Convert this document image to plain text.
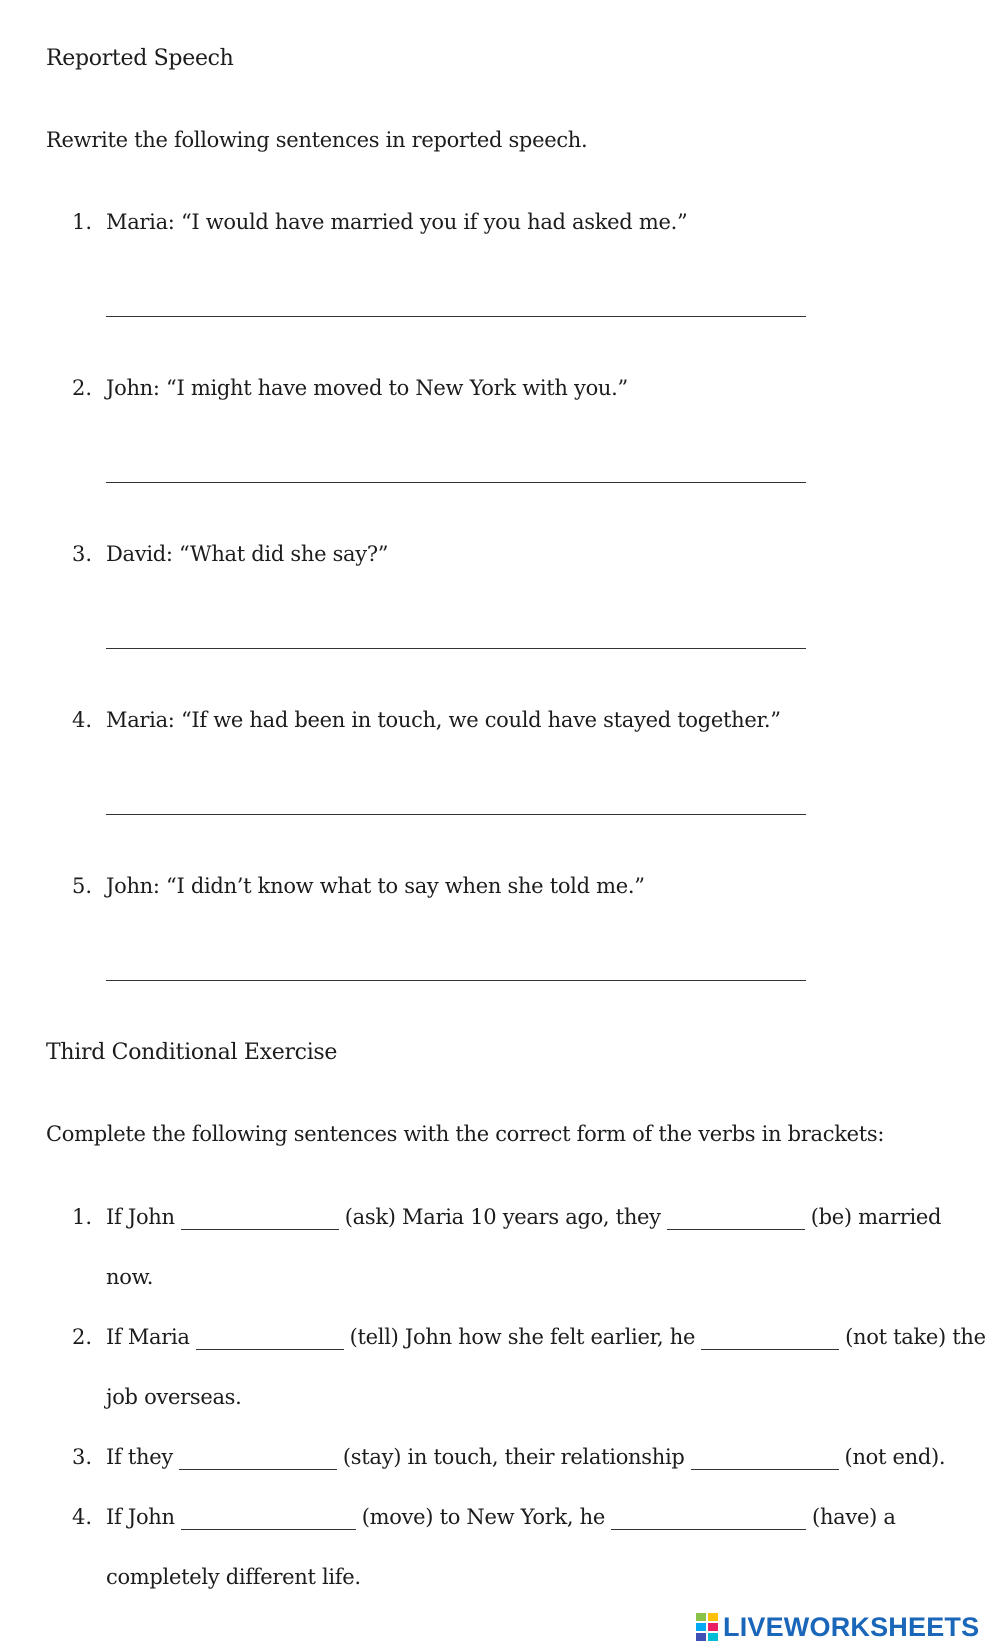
Reported Speech
Rewrite the following sentences in reported speech.
1. Maria: “I would have married you if you had asked me.”
2. John: “I might have moved to New York with you.”
3. David: “What did she say?”
4. Maria: “If we had been in touch, we could have stayed together.”
5. John: “I didn’t know what to say when she told me.”
Third Conditional Exercise
Complete the following sentences with the correct form of the verbs in brackets:
1. If John	(ask) Maria 10 years ago, they	(be) married
now.
2. If Maria	(tell) John how she felt earlier, he	(not take) the
job overseas.
3. If they	(stay) in touch, their relationship	(not end).
4. If John	(move) to New York, he	(have) a
completely different life.
LIVEWORKSHEETS
